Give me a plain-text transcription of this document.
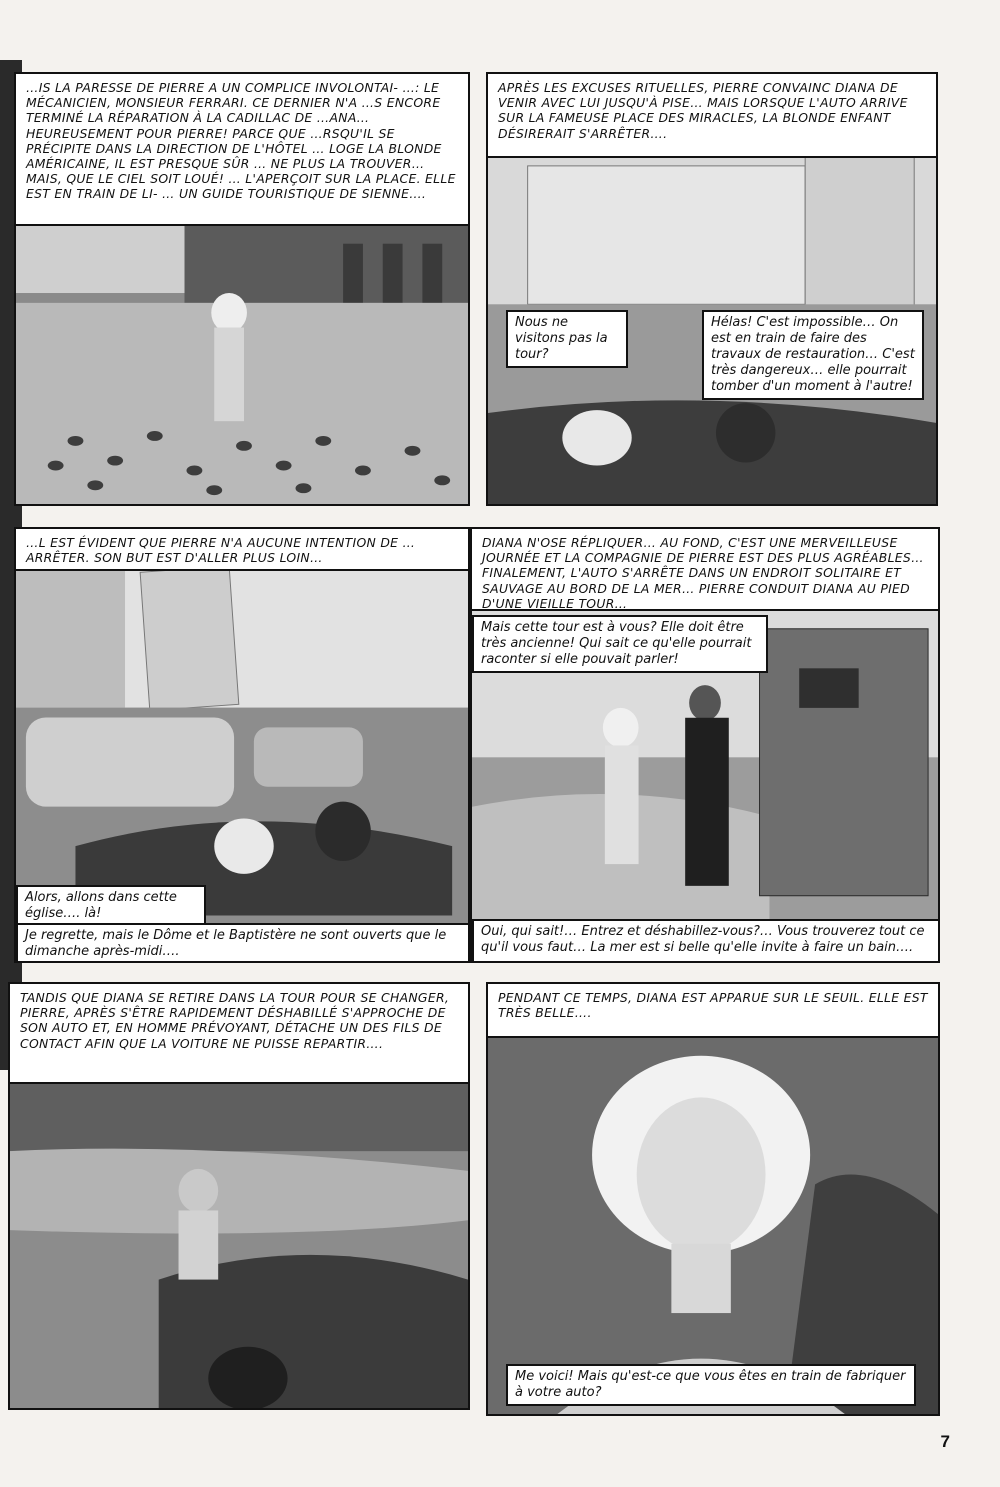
…IS LA PARESSE DE PIERRE A UN COMPLICE INVOLONTAI- …: LE MÉCANICIEN, MONSIEUR FERRARI. CE DERNIER N'A …S ENCORE TERMINÉ LA RÉPARATION À LA CADILLAC DE …ANA… HEUREUSEMENT POUR PIERRE! PARCE QUE …RSQU'IL SE PRÉCIPITE DANS LA DIRECTION DE L'HÔTEL … LOGE LA BLONDE AMÉRICAINE, IL EST PRESQUE SÛR … NE PLUS LA TROUVER… MAIS, QUE LE CIEL SOIT LOUÉ! … L'APERÇOIT SUR LA PLACE. ELLE EST EN TRAIN DE LI- … UN GUIDE TOURISTIQUE DE SIENNE….
APRÈS LES EXCUSES RITUELLES, PIERRE CONVAINC DIANA DE VENIR AVEC LUI JUSQU'À PISE… MAIS LORSQUE L'AUTO ARRIVE SUR LA FAMEUSE PLACE DES MIRACLES, LA BLONDE ENFANT DÉSIRERAIT S'ARRÊTER….
Nous ne visitons pas la tour?
Hélas! C'est impossible… On est en train de faire des travaux de restauration… C'est très dangereux… elle pourrait tomber d'un moment à l'autre!
…L EST ÉVIDENT QUE PIERRE N'A AUCUNE INTENTION DE …ARRÊTER. SON BUT EST D'ALLER PLUS LOIN…
Alors, allons dans cette église…. là!
Je regrette, mais le Dôme et le Baptistère ne sont ouverts que le dimanche après-midi….
DIANA N'OSE RÉPLIQUER… AU FOND, C'EST UNE MERVEILLEUSE JOURNÉE ET LA COMPAGNIE DE PIERRE EST DES PLUS AGRÉABLES… FINALEMENT, L'AUTO S'ARRÊTE DANS UN ENDROIT SOLITAIRE ET SAUVAGE AU BORD DE LA MER… PIERRE CONDUIT DIANA AU PIED D'UNE VIEILLE TOUR…
Mais cette tour est à vous? Elle doit être très ancienne! Qui sait ce qu'elle pourrait raconter si elle pouvait parler!
Oui, qui sait!… Entrez et déshabillez-vous?… Vous trouverez tout ce qu'il vous faut… La mer est si belle qu'elle invite à faire un bain….
TANDIS QUE DIANA SE RETIRE DANS LA TOUR POUR SE CHANGER, PIERRE, APRÈS S'ÊTRE RAPIDEMENT DÉSHABILLÉ S'APPROCHE DE SON AUTO ET, EN HOMME PRÉVOYANT, DÉTACHE UN DES FILS DE CONTACT AFIN QUE LA VOITURE NE PUISSE REPARTIR….
PENDANT CE TEMPS, DIANA EST APPARUE SUR LE SEUIL. ELLE EST TRÈS BELLE….
Me voici! Mais qu'est-ce que vous êtes en train de fabriquer à votre auto?
7
